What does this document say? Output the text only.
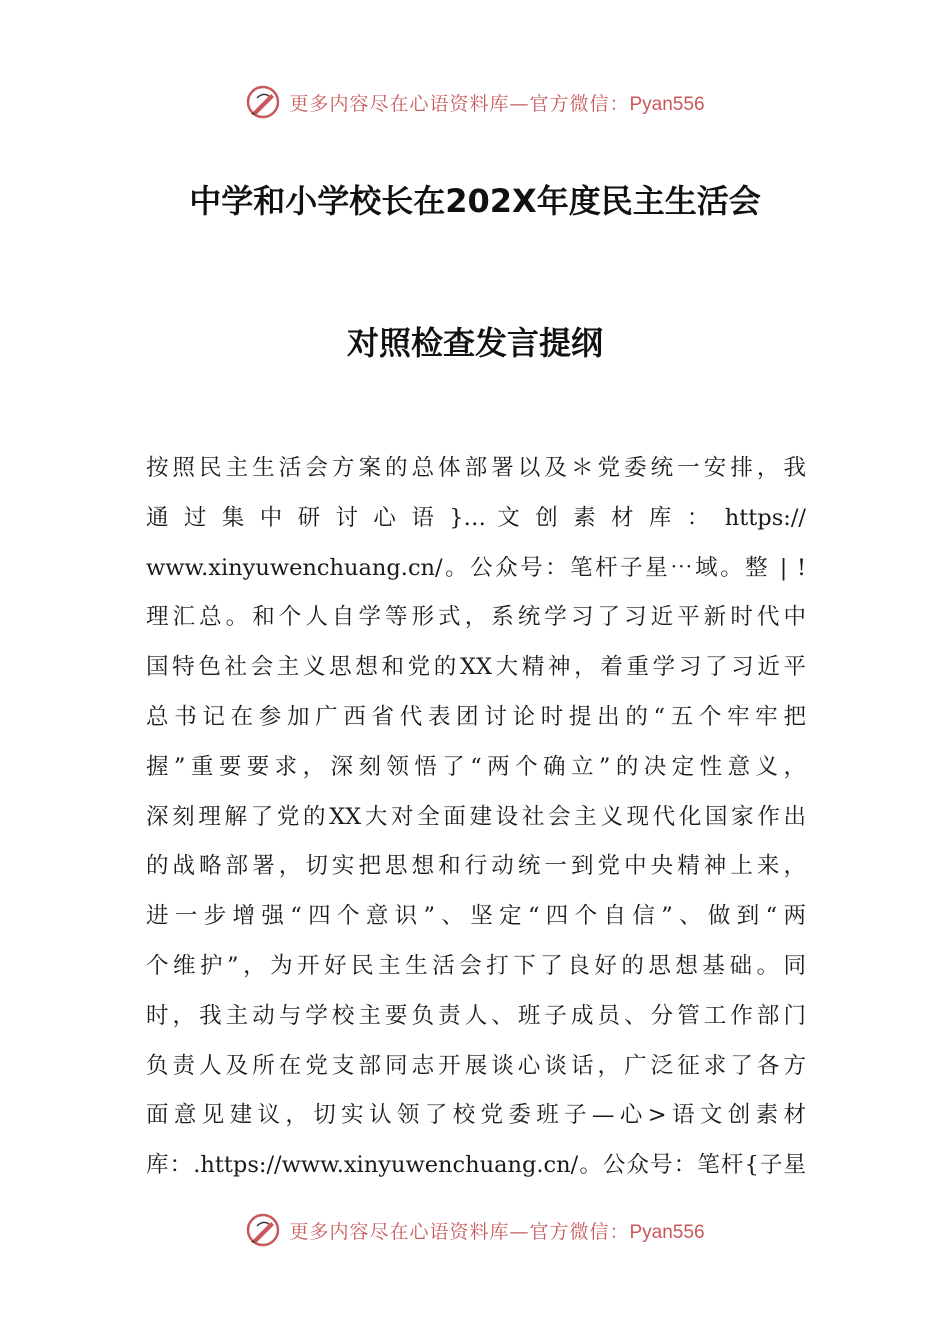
更多内容尽在心语资料库—官方微信：Pyan556
中学和小学校长在202X年度民主生活会
对照检查发言提纲
按照民主生活会方案的总体部署以及＊党委统一安排，我
通 过 集 中 研 讨 心 语 }… 文 创 素 材 库 ： https://
www.xinyuwenchuang.cn/。公众号：笔杆子星⋯域。整 | !
理汇总。和个人自学等形式，系统学习了习近平新时代中
国特色社会主义思想和党的XX大精神，着重学习了习近平
总书记在参加广西省代表团讨论时提出的“五个牢牢把
握”重要要求，深刻领悟了“两个确立”的决定性意义，
深刻理解了党的XX大对全面建设社会主义现代化国家作出
的战略部署，切实把思想和行动统一到党中央精神上来，
进一步增强“四个意识”、坚定“四个自信”、做到“两
个维护”，为开好民主生活会打下了良好的思想基础。同
时，我主动与学校主要负责人、班子成员、分管工作部门
负责人及所在党支部同志开展谈心谈话，广泛征求了各方
面意见建议，切实认领了校党委班子—心>语文创素材
库：.https://www.xinyuwenchuang.cn/。公众号：笔杆{子星
更多内容尽在心语资料库—官方微信：Pyan556
